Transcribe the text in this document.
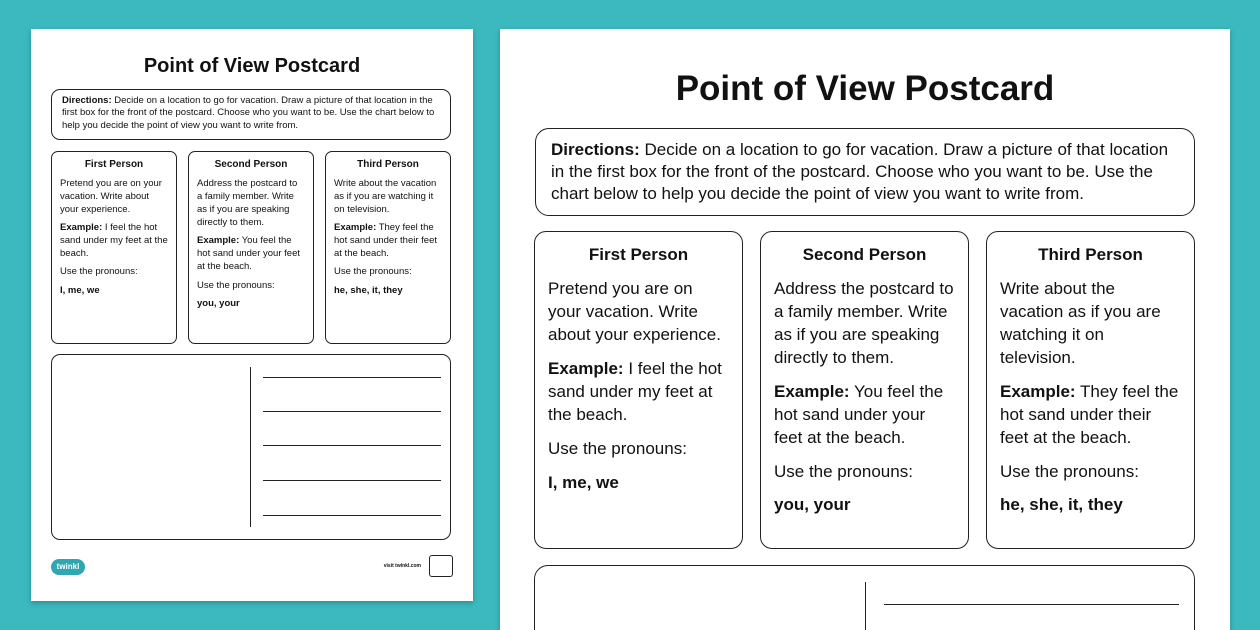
Point of View Postcard
Directions: Decide on a location to go for vacation. Draw a picture of that location in the first box for the front of the postcard. Choose who you want to be. Use the chart below to help you decide the point of view you want to write from.
First Person
Pretend you are on your vacation. Write about your experience.
Example: I feel the hot sand under my feet at the beach.
Use the pronouns:
I, me, we
Second Person
Address the postcard to a family member. Write as if you are speaking directly to them.
Example: You feel the hot sand under your feet at the beach.
Use the pronouns:
you, your
Third Person
Write about the vacation as if you are watching it on television.
Example: They feel the hot sand under their feet at the beach.
Use the pronouns:
he, she, it, they
twinkl	visit twinkl.com
Point of View Postcard
Directions: Decide on a location to go for vacation. Draw a picture of that location in the first box for the front of the postcard. Choose who you want to be. Use the chart below to help you decide the point of view you want to write from.
First Person
Pretend you are on your vacation. Write about your experience.
Example: I feel the hot sand under my feet at the beach.
Use the pronouns:
I, me, we
Second Person
Address the postcard to a family member. Write as if you are speaking directly to them.
Example: You feel the hot sand under your feet at the beach.
Use the pronouns:
you, your
Third Person
Write about the vacation as if you are watching it on television.
Example: They feel the hot sand under their feet at the beach.
Use the pronouns:
he, she, it, they
